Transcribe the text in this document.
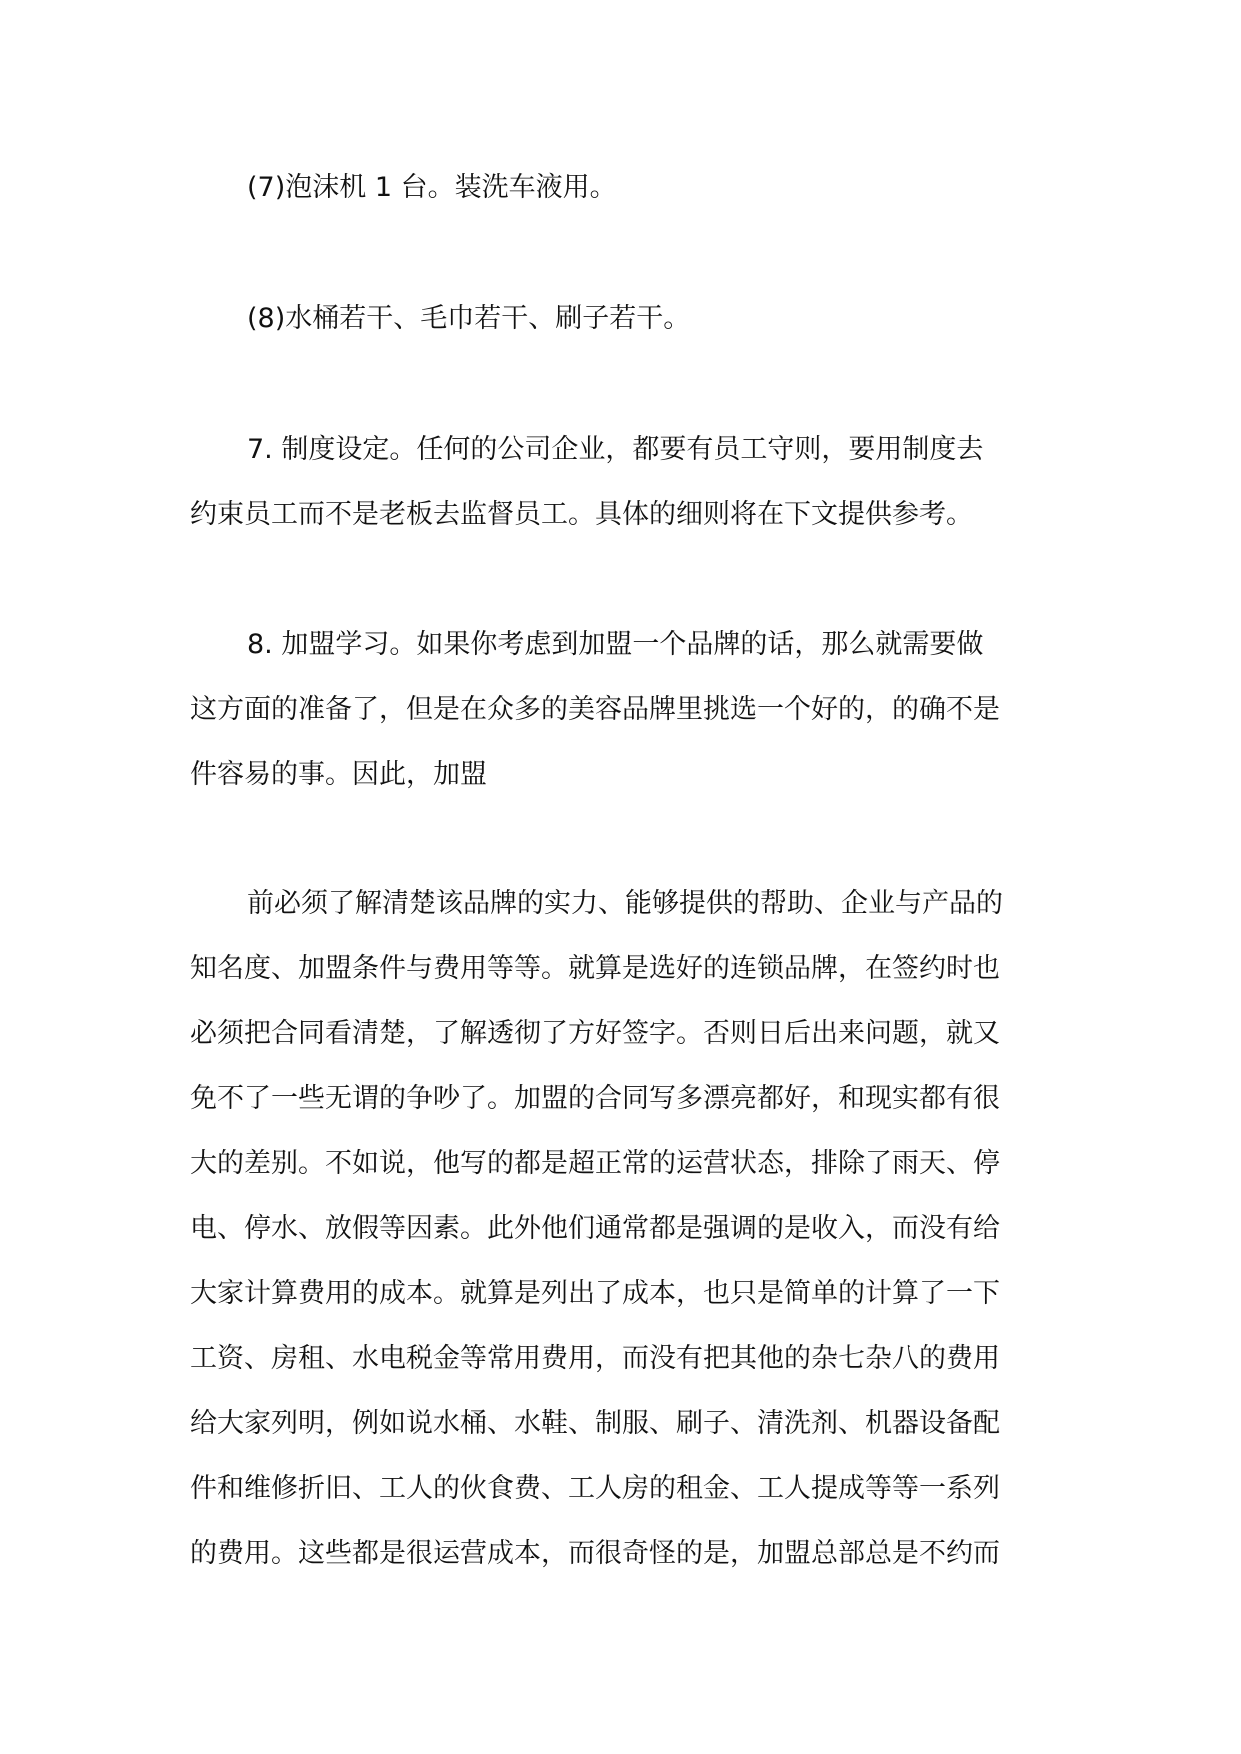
(7)泡沫机 1 台。装洗车液用。

(8)水桶若干、毛巾若干、刷子若干。

7. 制度设定。任何的公司企业，都要有员工守则，要用制度去
约束员工而不是老板去监督员工。具体的细则将在下文提供参考。

8. 加盟学习。如果你考虑到加盟一个品牌的话，那么就需要做
这方面的准备了，但是在众多的美容品牌里挑选一个好的，的确不是
件容易的事。因此，加盟

前必须了解清楚该品牌的实力、能够提供的帮助、企业与产品的
知名度、加盟条件与费用等等。就算是选好的连锁品牌，在签约时也
必须把合同看清楚，了解透彻了方好签字。否则日后出来问题，就又
免不了一些无谓的争吵了。加盟的合同写多漂亮都好，和现实都有很
大的差别。不如说，他写的都是超正常的运营状态，排除了雨天、停
电、停水、放假等因素。此外他们通常都是强调的是收入，而没有给
大家计算费用的成本。就算是列出了成本，也只是简单的计算了一下
工资、房租、水电税金等常用费用，而没有把其他的杂七杂八的费用
给大家列明，例如说水桶、水鞋、制服、刷子、清洗剂、机器设备配
件和维修折旧、工人的伙食费、工人房的租金、工人提成等等一系列
的费用。这些都是很运营成本，而很奇怪的是，加盟总部总是不约而
